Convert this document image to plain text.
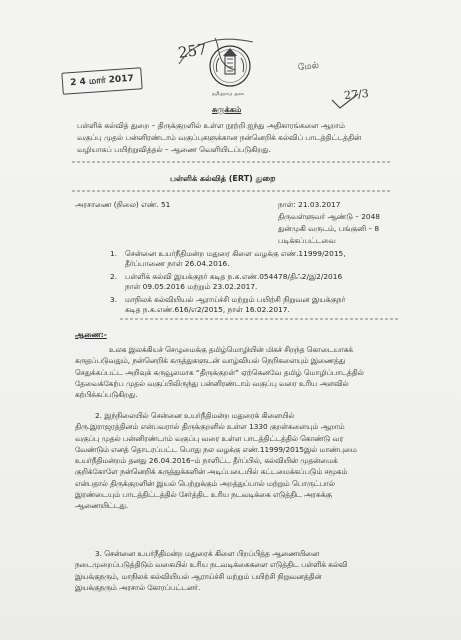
257
மேல்
27/3
2 4 மார் 2017
தமிழ்நாடு அரசு
சுருக்கம்
பள்ளிக் கல்வித் துறை – திருக்குறளில் உள்ள நூற்றி ஐந்து அதிகாரங்களை ஆறாம்
வகுப்பு முதல் பன்னிரண்டாம் வகுப்புகளுக்கான நன்னெறிக் கல்விப் பாடத்திட்டத்தின்
வழியாகப் பயிற்றுவித்தல் – ஆணை வெளியிடப்படுகிறது.
பள்ளிக் கல்வித் (ERT) துறை
அரசாணை (நிலை) எண். 51	நாள்: 21.03.2017
திருவள்ளுவர் ஆண்டு – 2048
துன்முகி வருடம், பங்குனி – 8
படிக்கப்பட்டவை
1. சென்னை உயர்நீதிமன்ற மதுரை கிளை வழக்கு எண்.11999/2015,
தீர்ப்பாணை நாள் 26.04.2016.
2. பள்ளிக் கல்வி இயக்குநர் கடித ந.க.எண்.054478/திஃ2/இ2/2016
நாள் 09.05.2016 மற்றும் 23.02.2017.
3. மாநிலக் கல்வியியல் ஆராய்ச்சி மற்றும் பயிற்சி நிறுவன இயக்குநர்
கடித ந.க.எண்.616/எ2/2015, நாள் 16.02.2017.
ஆணை:-

உலக இலக்கியச் செழுமைக்கு தமிழ்மொழியின் மிகச் சிறந்த கொடையாகக்

கருதப்படுவதும், நன்னெறிக் கருத்துகளுடன் வாழ்வியல் நெறிகளையும் இணைத்து

செதுக்கப்பட்ட அறிவுக் கருவூலமாக “திருக்குறள்” ஏற்கெனவே தமிழ் மொழிப்பாடத்தில்

தேவைக்கேற்ப முதல் வகுப்பிலிருந்து பன்னிரண்டாம் வகுப்பு வரை உரிய அளவில்

கற்பிக்கப்படுகிறது.

2. இந்நிலையில் சென்னை உயர்நீதிமன்ற மதுரைக் கிளையில்

திரு.இராஜரத்தினம் என்பவரால் திருக்குறளில் உள்ள 1330 குறள்களையும் ஆறாம்

வகுப்பு முதல் பன்னிரண்டாம் வகுப்பு வரை உள்ள பாடத்திட்டத்தில் கொண்டு வர

வேண்டும் எனத் தொடரப்பட்ட பொது நல வழக்கு எண்.11999/2015இல் மாண்புமை

உயர்நீதிமன்றம் தனது 26.04.2016–ம் நாளிட்ட தீர்ப்பில், கல்வியின் முதன்மைக்

குறிக்கோளே நன்னெறிக் கருத்துக்களின் அடிப்படையில் கட்டமைக்கப்படும் சமூகம்

என்பதால் திருக்குறளின் இயல் பெற்றுக்கும் அறத்துப்பால் மற்றும் பொருட்பால்

இரண்டையும் பாடத்திட்டத்தில் சேர்த்திட உரிய நடவடிக்கை எடுத்திட அரசுக்கு

ஆணையிட்டது.

3. சென்னை உயர்நீதிமன்ற மதுரைக் கிளை பிறப்பித்த ஆணையினை

நடைமுறைப்படுத்திடும் வகையில் உரிய நடவடிக்கைகளை எடுத்திட பள்ளிக் கல்வி

இயக்குநரும், மாநிலக் கல்வியியல் ஆராய்ச்சி மற்றும் பயிற்சி நிறுவனத்தின்

இயக்குநரும் அரசால் கோரப்பட்டனர்.
